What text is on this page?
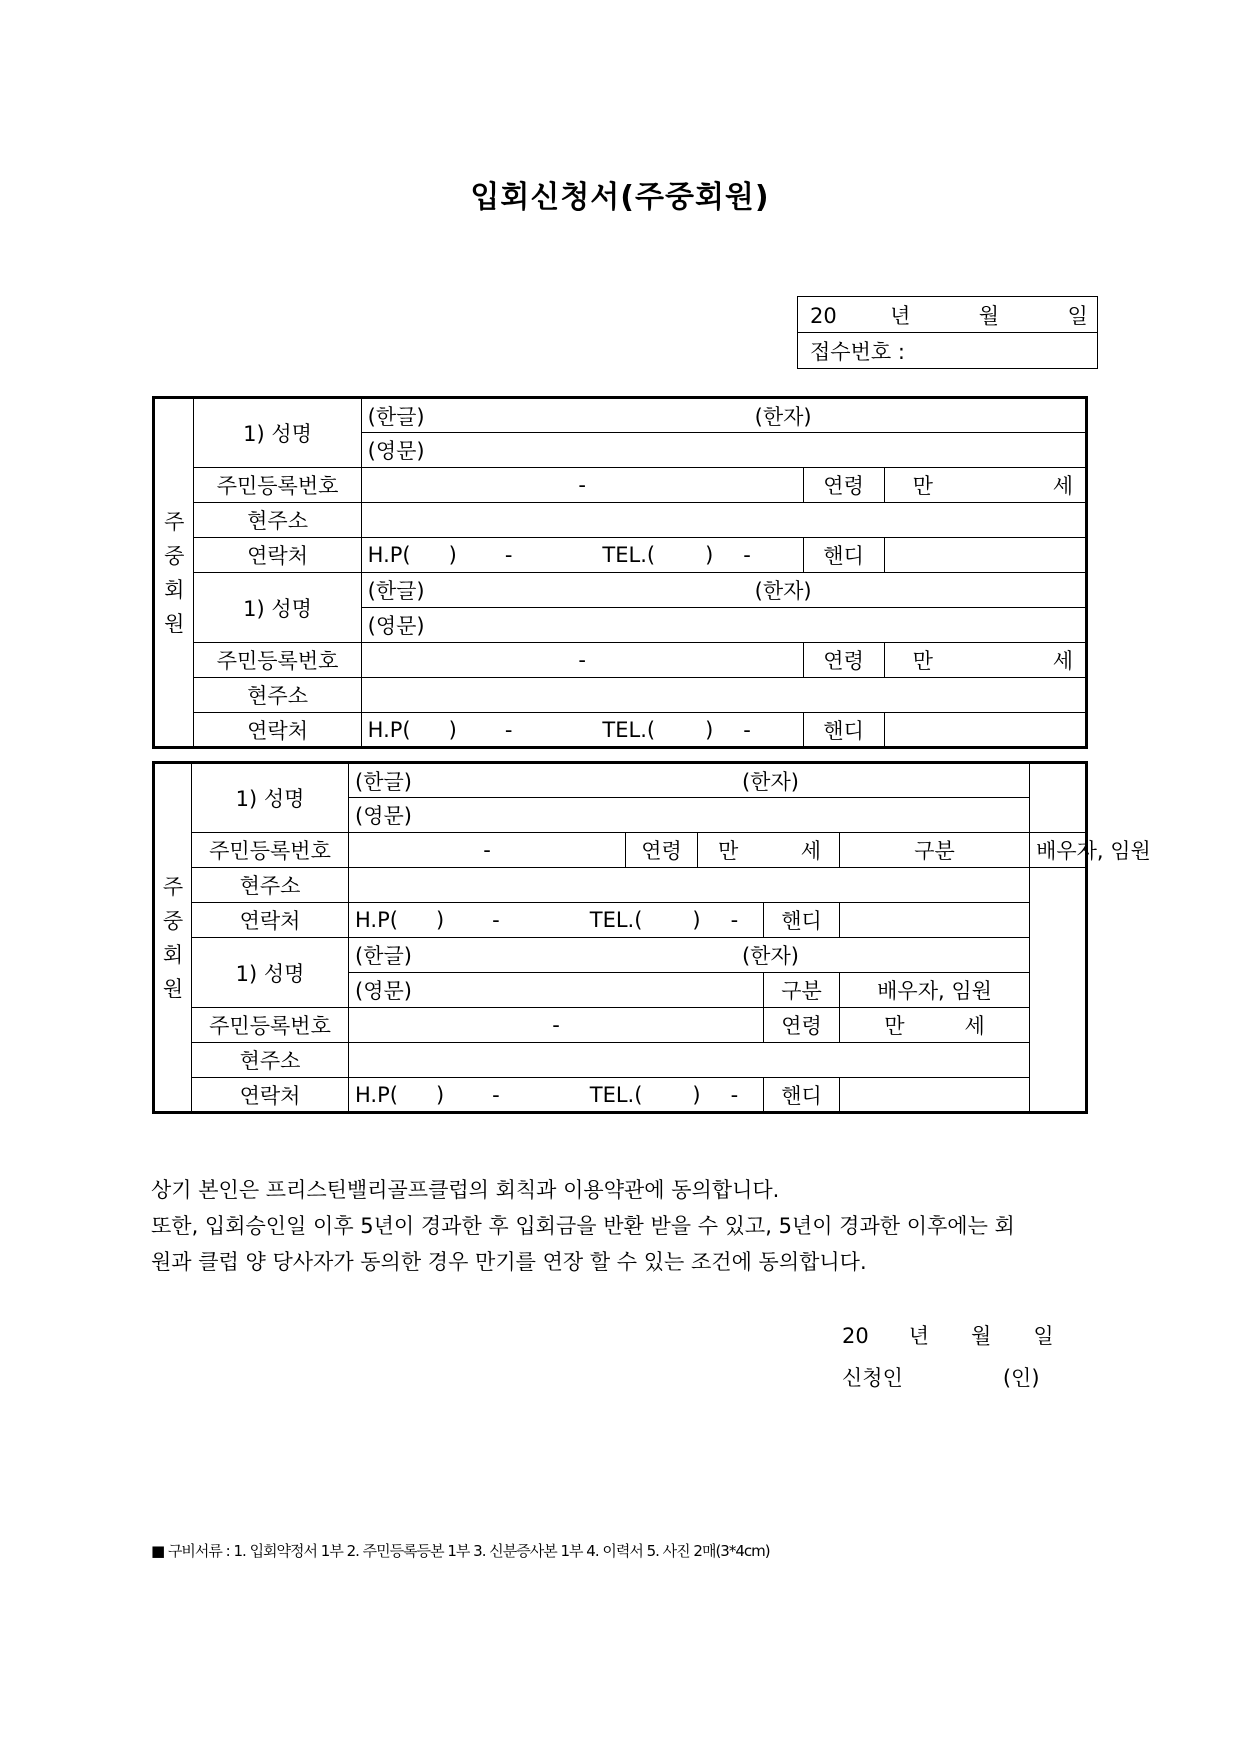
입회신청서(주중회원)
20	년	월	일
접수번호 :
주
중
회
원	1) 성명	(한글) (한자)		
		(영문)		
	주민등록번호	-	연령	만 세

	현주소			
	연락처	H.P( ) - TEL.( ) -	핸디	
	1) 성명	(한글) (한자)		
		(영문)		
	주민등록번호	-	연령	만 세

	현주소			
	연락처	H.P( ) - TEL.( ) -	핸디	
주
중
회
원	1) 성명	(한글) (한자)					
		(영문)					
	주민등록번호	-	연령	만 세		구분	배우자, 임원
	현주소						
	연락처	H.P( ) - TEL.( ) -			핸디		
	1) 성명	(한글) (한자)					
		(영문)			구분	배우자, 임원	
	주민등록번호	-			연령	만 세	
	현주소						
	연락처	H.P( ) - TEL.( ) -			핸디		
상기 본인은 프리스틴밸리골프클럽의 회칙과 이용약관에 동의합니다.
또한, 입회승인일 이후 5년이 경과한 후 입회금을 반환 받을 수 있고, 5년이 경과한 이후에는 회
원과 클럽 양 당사자가 동의한 경우 만기를 연장 할 수 있는 조건에 동의합니다.
20 년 월 일
신청인	(인)
■ 구비서류 : 1. 입회약정서 1부 2. 주민등록등본 1부 3. 신분증사본 1부 4. 이력서 5. 사진 2매(3*4cm)
